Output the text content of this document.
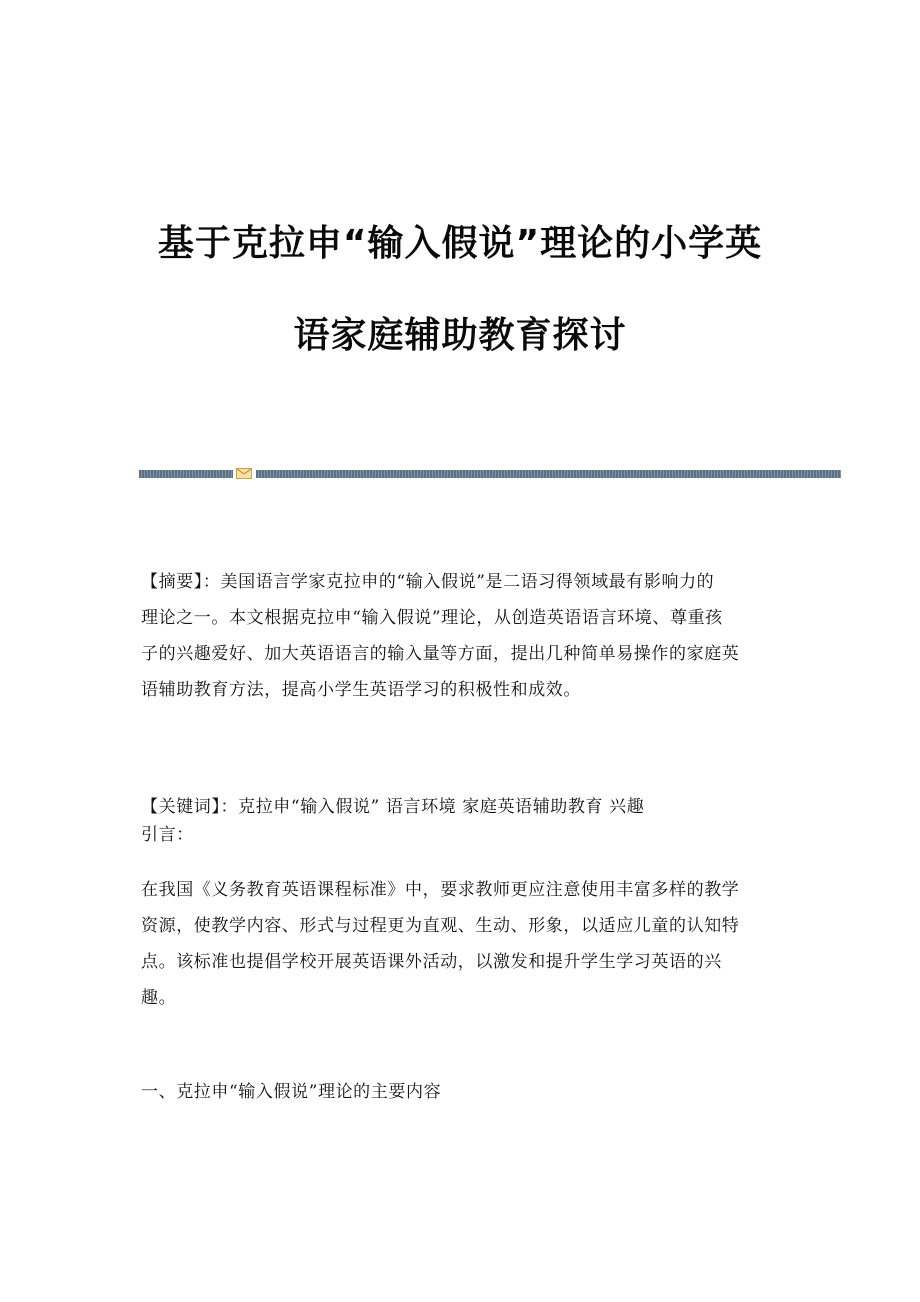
基于克拉申“输入假说”理论的小学英
语家庭辅助教育探讨

【摘要】：美国语言学家克拉申的“输入假说”是二语习得领域最有影响力的
理论之一。本文根据克拉申“输入假说”理论，从创造英语语言环境、尊重孩
子的兴趣爱好、加大英语语言的输入量等方面，提出几种简单易操作的家庭英
语辅助教育方法，提高小学生英语学习的积极性和成效。

【关键词】：克拉申“输入假说” 语言环境 家庭英语辅助教育 兴趣

引言：

在我国《义务教育英语课程标准》中，要求教师更应注意使用丰富多样的教学
资源，使教学内容、形式与过程更为直观、生动、形象，以适应儿童的认知特
点。该标准也提倡学校开展英语课外活动，以激发和提升学生学习英语的兴
趣。

一、克拉申“输入假说”理论的主要内容
